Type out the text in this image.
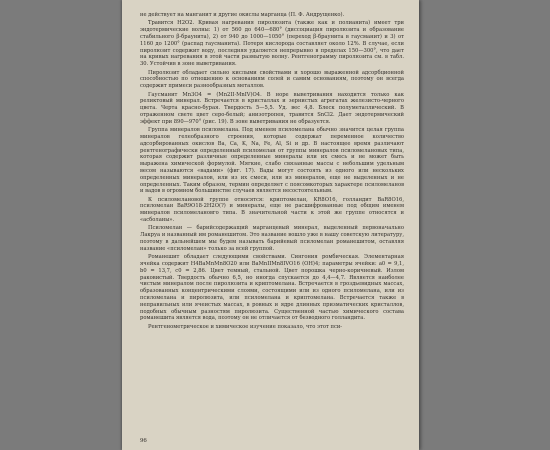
не действует на манганит и другие окислы марганца (П. Ф. Андрущенко).

Травится H2O2. Кривая нагревания пиролюзита (также как и полианита) имеет три эндотермические волны: 1) от 560 до 640—680° (диссоциация пиролюзита и образование стабильного β-браунита), 2) от 940 до 1000—1050° (переход β-браунита в гаусманит) и 3) от 1160 до 1200° (распад гаусманита). Потеря кислорода составляет около 12%. В случае, если пиролюзит содержит воду, последняя удаляется непрерывно в пределах 150—300°, что дает на кривых нагревания в этой части размытую волну. Рентгенограмму пиролюзита см. в табл. 30. Устойчив в зоне выветривания.

Пиролюзит обладает сильно кислыми свойствами и хорошо выраженной адсорбционной способностью по отношению к основаниям солей и самим основаниям, поэтому он всегда содержит примеси разнообразных металлов.

Гаусманит Mn3O4 = (Mn2II·MnIV)O4. В норе выветривания находится только как реликтовый минерал. Встречается в кристаллах и зернистых агрегатах железисто-черного цвета. Черта красно-бурая. Твердость 5—5,5. Уд. вес 4,8. Блеск полуметаллический. В отраженном свете цвет серо-белый; анизотропен, травится SnCl2. Дает эндотермический эффект при 890—970° (рис. 19). В зоне выветривания не образуется.

Группа минералов псиломелана. Под именем псиломелана обычно значится целая группа минералов гелеобразного строения, которые содержат переменное количество адсорбированных окислов Ba, Ca, K, Na, Fe, Al, Si и др. В настоящее время различают рентгенографически определенный псиломелан от группы минералов псиломелановых типа, которая содержит различные определенные минералы или их смесь и не может быть выражена химической формулой. Мягкие, слабо связанные массы с небольшим удельным весом называются «вадами» (фиг. 17). Вады могут состоять из одного или нескольких определенных минералов, или из их смеси, или из минералов, еще не выделенных и не определенных. Таким образом, термин определяет с поясомкоторых характере псиломеланов и вадов в огромном большинстве случаев является несостоятельным.

К псиломелановой группе относятся: криптомелан, KR8O16, голландит BaR8O16, псиломелан BaR9O18·2H2O(?) и минералы, еще не расшифрованные под общим именем минералов псиломелановго типа. В значительной части к этой же группе относятся и «асболаны».

Псиломелан — барийсодержащий марганцевый минерал, выделенный первоначально Лакруа и названный им романешитом. Это название вошло уже в нашу советскую литературу, поэтому в дальнейшем мы будем называть барийевый псиломелан романешитом, оставляя название «псиломелан» только за всей группой.

Романешит обладает следующими свойствами. Сингония ромбическая. Элементарная ячейка содержит H4BaMnMn8O20 или BaMnIIMn8IVO16 (OH)4; параметры ячейки: a0 = 9,1, b0 = 13,7, c0 = 2,86. Цвет темный, стальной. Цвет порошка черно-коричневый. Излом раковистый. Твердость обычно 6,5, но иногда спускается до 4,4—4,7. Является наиболее чистым минералом после пиролюзита и криптомелана. Встречается в гроздьевидных массах, образованных концентрическими слоями, состоящими или из одного псиломелана, или из псиломелана и пиролюзита, или псиломелана и криптомелана. Встречается также в неправильных или ячеистых массах, в ровных и ядре длинных призматических кристаллов, подобных обычным разностям пиролюзита. Существенной частью химического состава романешита является вода, поэтому он не отличается от безводного голландита.

Рентгенометрическое и химическое изучение показало, что этот пси-

96
